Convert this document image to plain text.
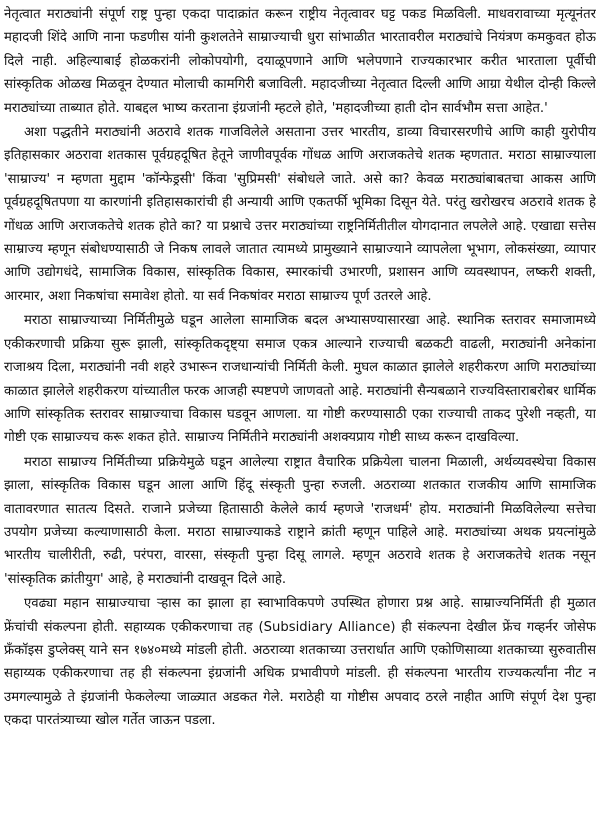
नेतृत्वात मराठ्यांनी संपूर्ण राष्ट्र पुन्हा एकदा पादाक्रांत करून राष्ट्रीय नेतृत्वावर घट्ट पकड मिळविली. माधवरावाच्या मृत्यूनंतर महादजी शिंदे आणि नाना फडणीस यांनी कुशलतेने साम्राज्याची धुरा सांभाळीत भारतावरील मराठ्यांचे नियंत्रण कमकुवत होऊ दिले नाही. अहिल्याबाई होळकरांनी लोकोपयोगी, दयाळूपणाने आणि भलेपणाने राज्यकारभार करीत भारताला पूर्वीची सांस्कृतिक ओळख मिळवून देण्यात मोलाची कामगिरी बजाविली. महादजीच्या नेतृत्वात दिल्ली आणि आग्रा येथील दोन्ही किल्ले मराठ्यांच्या ताब्यात होते. याबद्दल भाष्य करताना इंग्रजांनी म्हटले होते, 'महादजीच्या हाती दोन सार्वभौम सत्ता आहेत.'

अशा पद्धतीने मराठ्यांनी अठरावे शतक गाजविलेले असताना उत्तर भारतीय, डाव्या विचारसरणीचे आणि काही युरोपीय इतिहासकार अठरावा शतकास पूर्वग्रहदूषित हेतूने जाणीवपूर्वक गोंधळ आणि अराजकतेचे शतक म्हणतात. मराठा साम्राज्याला 'साम्राज्य' न म्हणता मुद्दाम 'कॉन्फेड्रसी' किंवा 'सुप्रिमसी' संबोधले जाते. असे का? केवळ मराठ्यांबाबतचा आकस आणि पूर्वग्रहदूषितपणा या कारणांनी इतिहासकारांची ही अन्यायी आणि एकतर्फी भूमिका दिसून येते. परंतु खरोखरच अठरावे शतक हे गोंधळ आणि अराजकतेचे शतक होते का? या प्रश्नाचे उत्तर मराठ्यांच्या राष्ट्रनिर्मितीतील योगदानात लपलेले आहे. एखाद्या सत्तेस साम्राज्य म्हणून संबोधण्यासाठी जे निकष लावले जातात त्यामध्ये प्रामुख्याने साम्राज्याने व्यापलेला भूभाग, लोकसंख्या, व्यापार आणि उद्योगधंदे, सामाजिक विकास, सांस्कृतिक विकास, स्मारकांची उभारणी, प्रशासन आणि व्यवस्थापन, लष्करी शक्ती, आरमार, अशा निकषांचा समावेश होतो. या सर्व निकषांवर मराठा साम्राज्य पूर्ण उतरले आहे.

मराठा साम्राज्याच्या निर्मितीमुळे घडून आलेला सामाजिक बदल अभ्यासण्यासारखा आहे. स्थानिक स्तरावर समाजामध्ये एकीकरणाची प्रक्रिया सुरू झाली, सांस्कृतिकदृष्ट्या समाज एकत्र आल्याने राज्याची बळकटी वाढली, मराठ्यांनी अनेकांना राजाश्रय दिला, मराठ्यांनी नवी शहरे उभारून राजधान्यांची निर्मिती केली. मुघल काळात झालेले शहरीकरण आणि मराठ्यांच्या काळात झालेले शहरीकरण यांच्यातील फरक आजही स्पष्टपणे जाणवतो आहे. मराठ्यांनी सैन्यबळाने राज्यविस्ताराबरोबर धार्मिक आणि सांस्कृतिक स्तरावर साम्राज्याचा विकास घडवून आणला. या गोष्टी करण्यासाठी एका राज्याची ताकद पुरेशी नव्हती, या गोष्टी एक साम्राज्यच करू शकत होते. साम्राज्य निर्मितीने मराठ्यांनी अशक्यप्राय गोष्टी साध्य करून दाखविल्या.

मराठा साम्राज्य निर्मितीच्या प्रक्रियेमुळे घडून आलेल्या राष्ट्रात वैचारिक प्रक्रियेला चालना मिळाली, अर्थव्यवस्थेचा विकास झाला, सांस्कृतिक विकास घडून आला आणि हिंदू संस्कृती पुन्हा रुजली. अठराव्या शतकात राजकीय आणि सामाजिक वातावरणात सातत्य दिसते. राजाने प्रजेच्या हितासाठी केलेले कार्य म्हणजे 'राजधर्म' होय. मराठ्यांनी मिळविलेल्या सत्तेचा उपयोग प्रजेच्या कल्याणासाठी केला. मराठा साम्राज्याकडे राष्ट्राने क्रांती म्हणून पाहिले आहे. मराठ्यांच्या अथक प्रयत्नांमुळे भारतीय चालीरीती, रुढी, परंपरा, वारसा, संस्कृती पुन्हा दिसू लागले. म्हणून अठरावे शतक हे अराजकतेचे शतक नसून 'सांस्कृतिक क्रांतीयुग' आहे, हे मराठ्यांनी दाखवून दिले आहे.

एवढ्या महान साम्राज्याचा ऱ्हास का झाला हा स्वाभाविकपणे उपस्थित होणारा प्रश्न आहे. साम्राज्यनिर्मिती ही मुळात फ्रेंचांची संकल्पना होती. सहाय्यक एकीकरणाचा तह (Subsidiary Alliance) ही संकल्पना देखील फ्रेंच गव्हर्नर जोसेफ फ्रँकॉइस डुप्लेक्स् याने सन १७४०मध्ये मांडली होती. अठराव्या शतकाच्या उत्तरार्धात आणि एकोणिसाव्या शतकाच्या सुरुवातीस सहाय्यक एकीकरणाचा तह ही संकल्पना इंग्रजांनी अधिक प्रभावीपणे मांडली. ही संकल्पना भारतीय राज्यकर्त्यांना नीट न उमगल्यामुळे ते इंग्रजांनी फेकलेल्या जाळ्यात अडकत गेले. मराठेही या गोष्टीस अपवाद ठरले नाहीत आणि संपूर्ण देश पुन्हा एकदा पारतंत्र्याच्या खोल गर्तेत जाऊन पडला.
